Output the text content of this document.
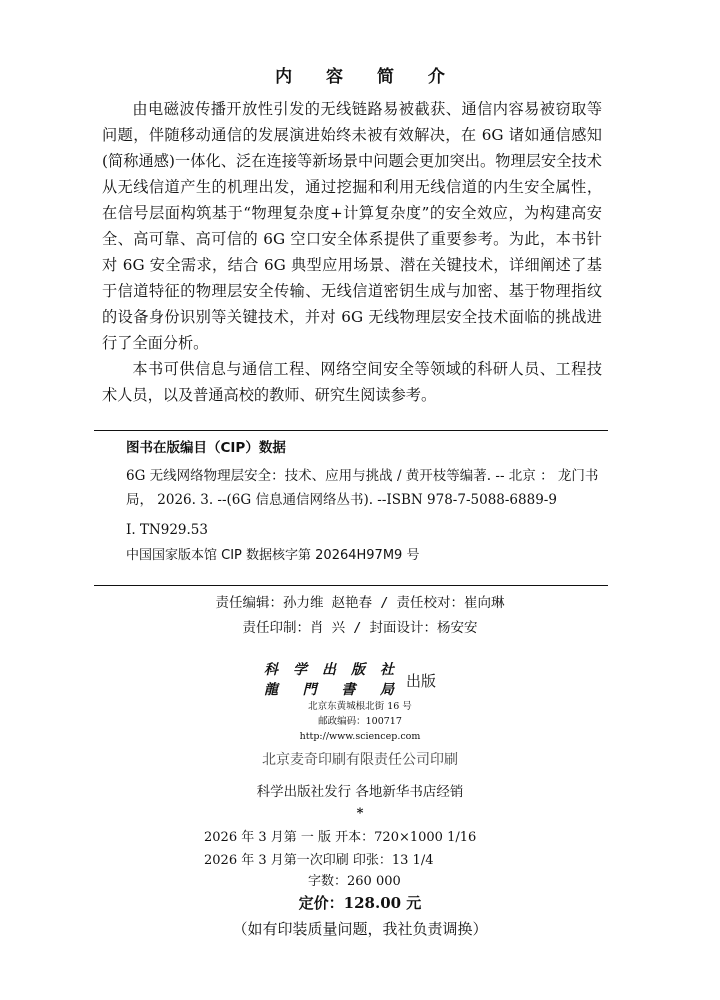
内 容 简 介

由电磁波传播开放性引发的无线链路易被截获、通信内容易被窃取等问题，伴随移动通信的发展演进始终未被有效解决，在 6G 诸如通信感知(简称通感)一体化、泛在连接等新场景中问题会更加突出。物理层安全技术从无线信道产生的机理出发，通过挖掘和利用无线信道的内生安全属性，在信号层面构筑基于“物理复杂度+计算复杂度”的安全效应，为构建高安全、高可靠、高可信的 6G 空口安全体系提供了重要参考。为此，本书针对 6G 安全需求，结合 6G 典型应用场景、潜在关键技术，详细阐述了基于信道特征的物理层安全传输、无线信道密钥生成与加密、基于物理指纹的设备身份识别等关键技术，并对 6G 无线物理层安全技术面临的挑战进行了全面分析。

本书可供信息与通信工程、网络空间安全等领域的科研人员、工程技术人员，以及普通高校的教师、研究生阅读参考。

图书在版编目（CIP）数据
6G 无线网络物理层安全：技术、应用与挑战 / 黄开枝等编著. -- 北京 ： 龙门书局， 2026. 3. --(6G 信息通信网络丛书). --ISBN 978-7-5088-6889-9
Ⅰ. TN929.53
中国国家版本馆 CIP 数据核字第 20264H97M9 号
责任编辑：孙力维 赵艳春 / 责任校对：崔向琳
责任印制：肖 兴 / 封面设计：杨安安
科 学 出 版 社
龍 門 書 局 出版
北京东黄城根北街 16 号
邮政编码：100717
http://www.sciencep.com
北京麦奇印刷有限责任公司印刷
科学出版社发行 各地新华书店经销
*
2026 年 3 月第 一 版 开本：720×1000 1/16
2026 年 3 月第一次印刷 印张：13 1/4
字数：260 000
定价：128.00 元
（如有印装质量问题，我社负责调换）
